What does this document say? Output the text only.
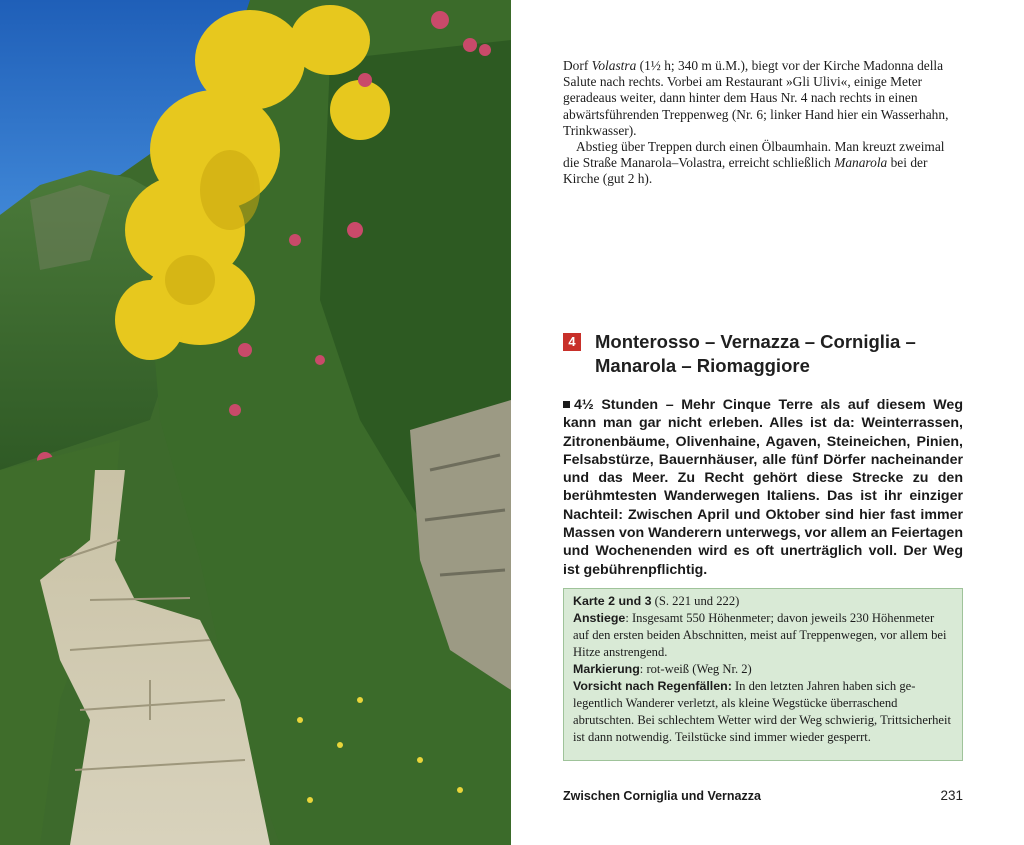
Dorf Volastra (1½ h; 340 m ü.M.), biegt vor der Kirche Madonna della Salute nach rechts. Vorbei am Restaurant »Gli Ulivi«, einige Meter geradeaus weiter, dann hinter dem Haus Nr. 4 nach rechts in einen abwärtsführenden Treppenweg (Nr. 6; linker Hand hier ein Wasserhahn, Trinkwasser).

Abstieg über Treppen durch einen Ölbaumhain. Man kreuzt zweimal die Straße Manarola–Volastra, erreicht schließlich Manarola bei der Kirche (gut 2 h).

4 Monterosso – Vernazza – Corniglia –
Manarola – Riomaggiore
4½ Stunden – Mehr Cinque Terre als auf diesem Weg kann man gar nicht erleben. Alles ist da: Weinterrassen, Zitronenbäume, Olivenhaine, Agaven, Steineichen, Pinien, Felsabstürze, Bauernhäuser, alle fünf Dörfer nacheinander und das Meer. Zu Recht gehört diese Strecke zu den berühmtesten Wanderwegen Italiens. Das ist ihr einziger Nachteil: Zwischen April und Oktober sind hier fast immer Massen von Wanderern unterwegs, vor allem an Feiertagen und Wochenenden wird es oft unerträglich voll. Der Weg ist gebührenpflichtig.

Karte 2 und 3 (S. 221 und 222)

Anstiege: Insgesamt 550 Höhenmeter; davon jeweils 230 Höhenmeter auf den ersten beiden Abschnitten, meist auf Treppenwegen, vor allem bei Hitze anstrengend.

Markierung: rot-weiß (Weg Nr. 2)

Vorsicht nach Regenfällen: In den letzten Jahren haben sich gelegentlich Wanderer verletzt, als kleine Wegstücke überraschend abrutschten. Bei schlechtem Wetter wird der Weg schwierig, Trittsicherheit ist dann notwendig. Teilstücke sind immer wieder gesperrt.

Zwischen Corniglia und Vernazza	231
